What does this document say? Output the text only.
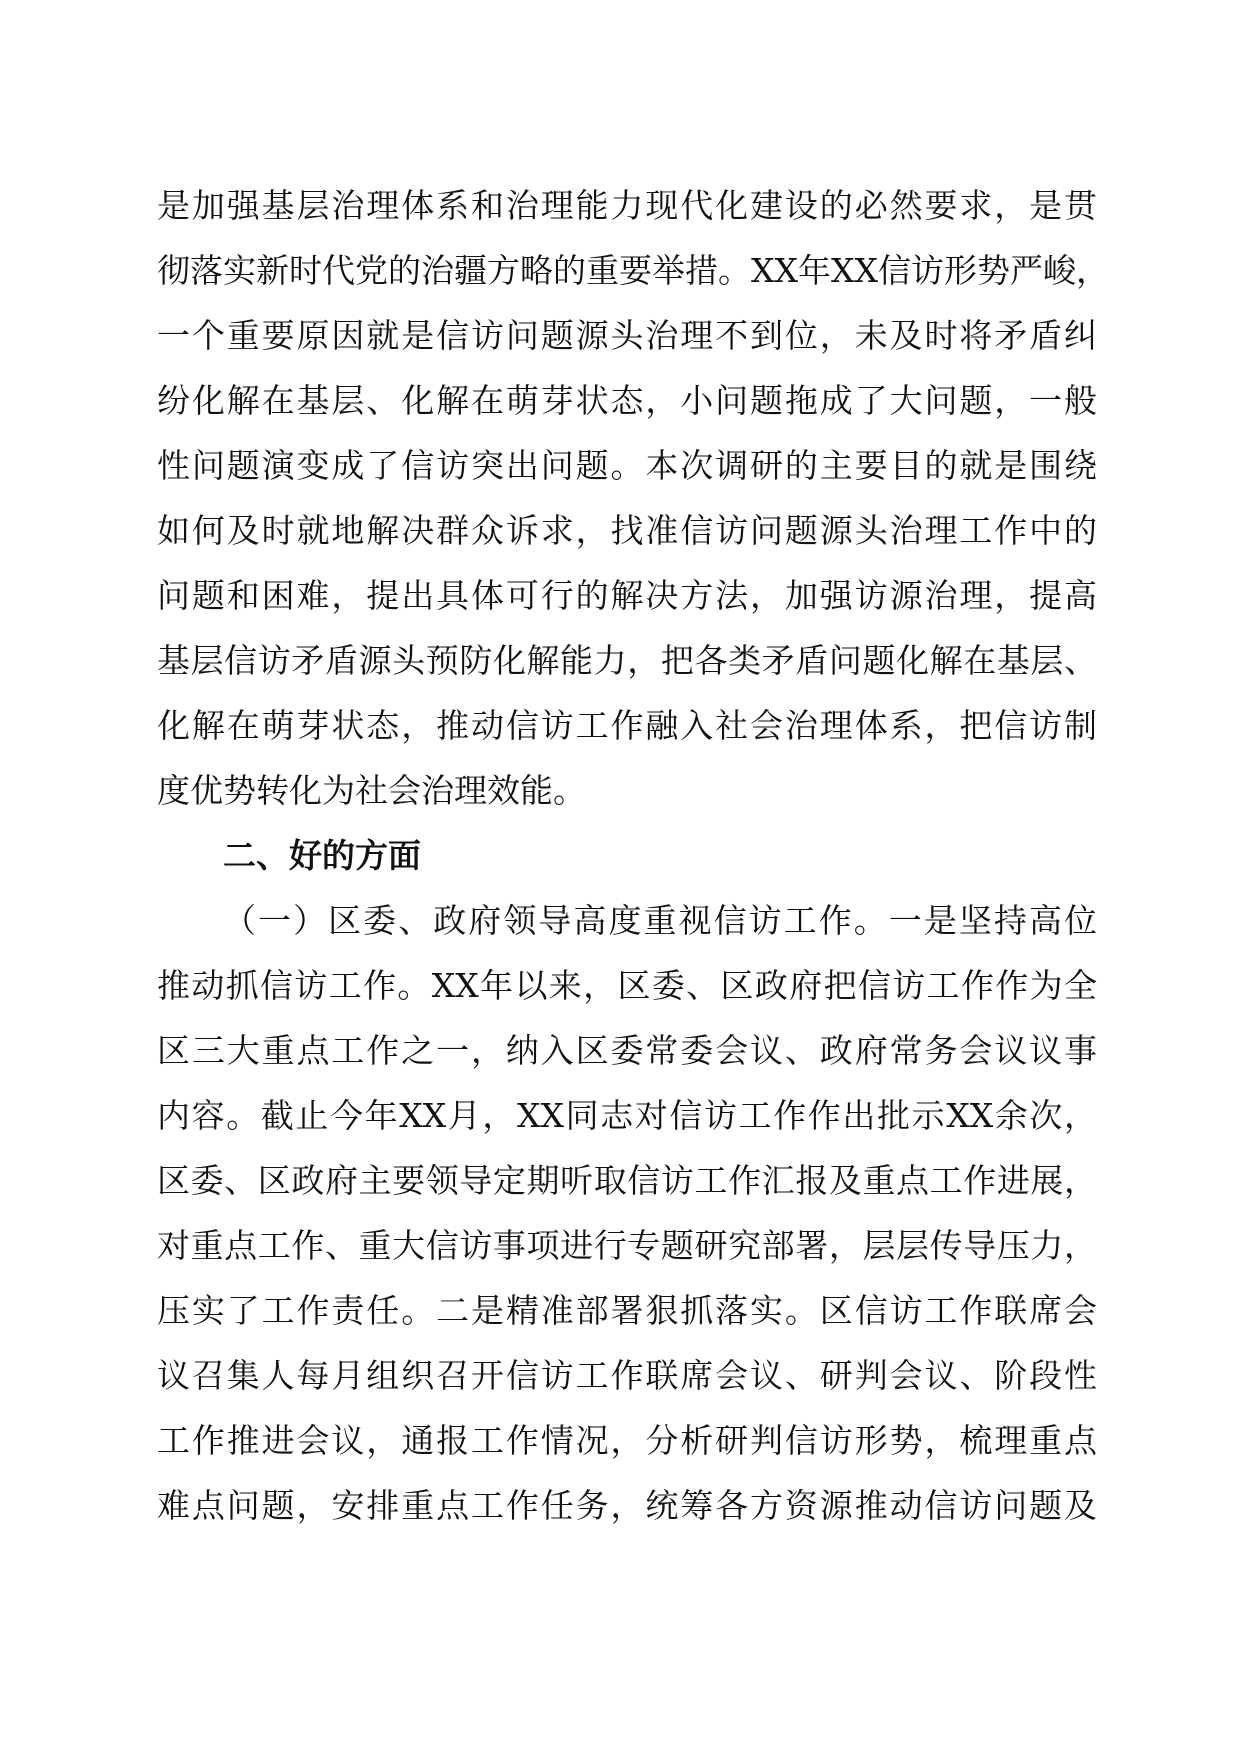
是加强基层治理体系和治理能力现代化建设的必然要求，是贯
彻落实新时代党的治疆方略的重要举措。XX年XX信访形势严峻，
一个重要原因就是信访问题源头治理不到位，未及时将矛盾纠
纷化解在基层、化解在萌芽状态，小问题拖成了大问题，一般
性问题演变成了信访突出问题。本次调研的主要目的就是围绕
如何及时就地解决群众诉求，找准信访问题源头治理工作中的
问题和困难，提出具体可行的解决方法，加强访源治理，提高
基层信访矛盾源头预防化解能力，把各类矛盾问题化解在基层、
化解在萌芽状态，推动信访工作融入社会治理体系，把信访制
度优势转化为社会治理效能。
二、好的方面
（一）区委、政府领导高度重视信访工作。一是坚持高位
推动抓信访工作。XX年以来，区委、区政府把信访工作作为全
区三大重点工作之一，纳入区委常委会议、政府常务会议议事
内容。截止今年XX月，XX同志对信访工作作出批示XX余次，
区委、区政府主要领导定期听取信访工作汇报及重点工作进展，
对重点工作、重大信访事项进行专题研究部署，层层传导压力，
压实了工作责任。二是精准部署狠抓落实。区信访工作联席会
议召集人每月组织召开信访工作联席会议、研判会议、阶段性
工作推进会议，通报工作情况，分析研判信访形势，梳理重点
难点问题，安排重点工作任务，统筹各方资源推动信访问题及
